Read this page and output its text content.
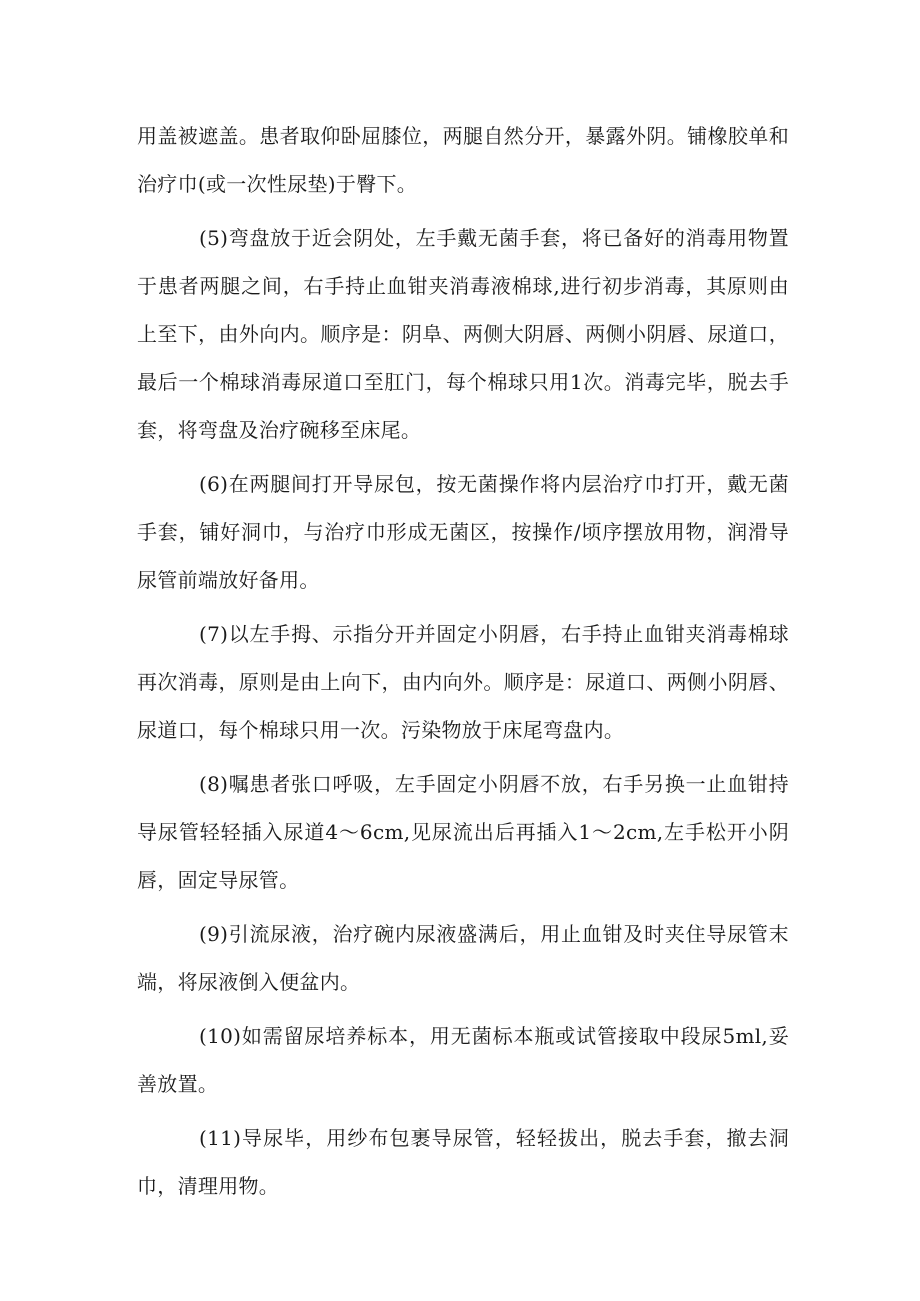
用盖被遮盖。患者取仰卧屈膝位，两腿自然分开，暴露外阴。铺橡胶单和治疗巾(或一次性尿垫)于臀下。

(5)弯盘放于近会阴处，左手戴无菌手套，将已备好的消毒用物置于患者两腿之间，右手持止血钳夹消毒液棉球,进行初步消毒，其原则由上至下，由外向内。顺序是：阴阜、两侧大阴唇、两侧小阴唇、尿道口，最后一个棉球消毒尿道口至肛门，每个棉球只用1次。消毒完毕，脱去手套，将弯盘及治疗碗移至床尾。

(6)在两腿间打开导尿包，按无菌操作将内层治疗巾打开，戴无菌手套，铺好洞巾，与治疗巾形成无菌区，按操作/顷序摆放用物，润滑导尿管前端放好备用。

(7)以左手拇、示指分开并固定小阴唇，右手持止血钳夹消毒棉球再次消毒，原则是由上向下，由内向外。顺序是：尿道口、两侧小阴唇、尿道口，每个棉球只用一次。污染物放于床尾弯盘内。

(8)嘱患者张口呼吸，左手固定小阴唇不放，右手另换一止血钳持导尿管轻轻插入尿道4～6cm,见尿流出后再插入1～2cm,左手松开小阴唇，固定导尿管。

(9)引流尿液，治疗碗内尿液盛满后，用止血钳及时夹住导尿管末端，将尿液倒入便盆内。

(10)如需留尿培养标本，用无菌标本瓶或试管接取中段尿5ml,妥善放置。

(11)导尿毕，用纱布包裹导尿管，轻轻拔出，脱去手套，撤去洞巾，清理用物。
